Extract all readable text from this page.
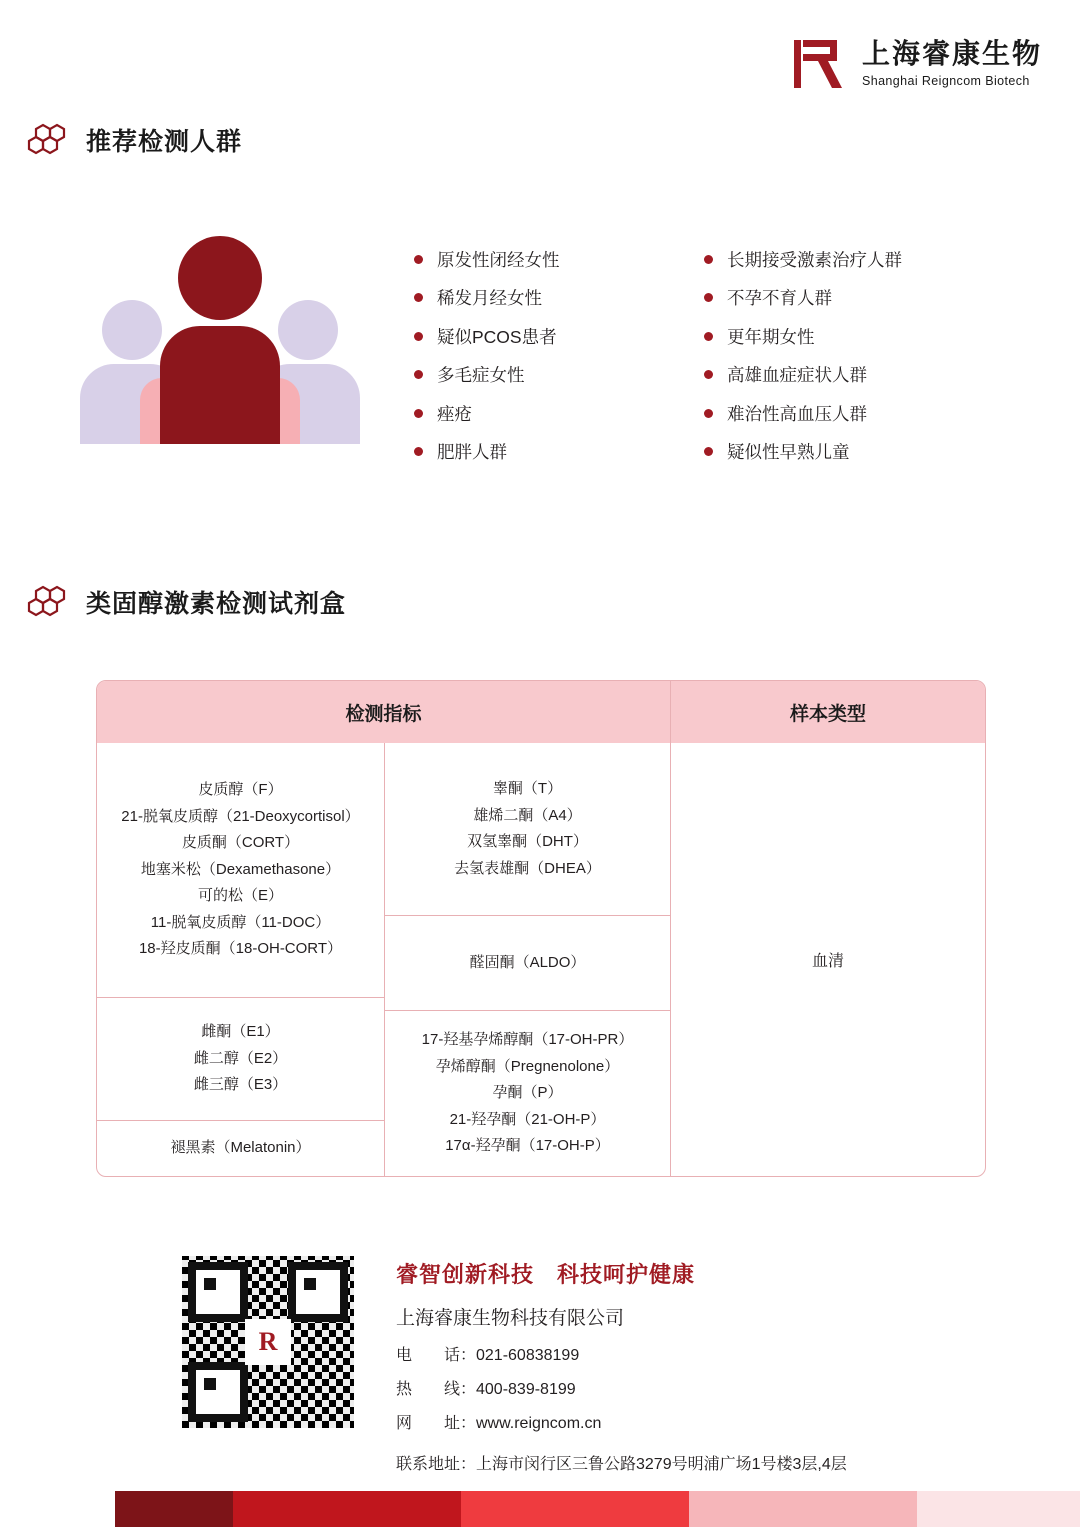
上海睿康生物
Shanghai Reigncom Biotech
推荐检测人群
原发性闭经女性
稀发月经女性
疑似PCOS患者
多毛症女性
痤疮
肥胖人群
长期接受激素治疗人群
不孕不育人群
更年期女性
高雄血症症状人群
难治性高血压人群
疑似性早熟儿童
类固醇激素检测试剂盒
检测指标	样本类型
皮质醇（F）
21-脱氧皮质醇（21-Deoxycortisol）
皮质酮（CORT）
地塞米松（Dexamethasone）
可的松（E）
11-脱氧皮质醇（11-DOC）
18-羟皮质酮（18-OH-CORT）
雌酮（E1）
雌二醇（E2）
雌三醇（E3）
褪黑素（Melatonin）
睾酮（T）
雄烯二酮（A4）
双氢睾酮（DHT）
去氢表雄酮（DHEA）
醛固酮（ALDO）
17-羟基孕烯醇酮（17-OH-PR）
孕烯醇酮（Pregnenolone）
孕酮（P）
21-羟孕酮（21-OH-P）
17α-羟孕酮（17-OH-P）
血清
R
睿智创新科技　科技呵护健康
上海睿康生物科技有限公司
电　　话：021-60838199
热　　线：400-839-8199
网　　址：www.reigncom.cn
联系地址：上海市闵行区三鲁公路3279号明浦广场1号楼3层,4层
